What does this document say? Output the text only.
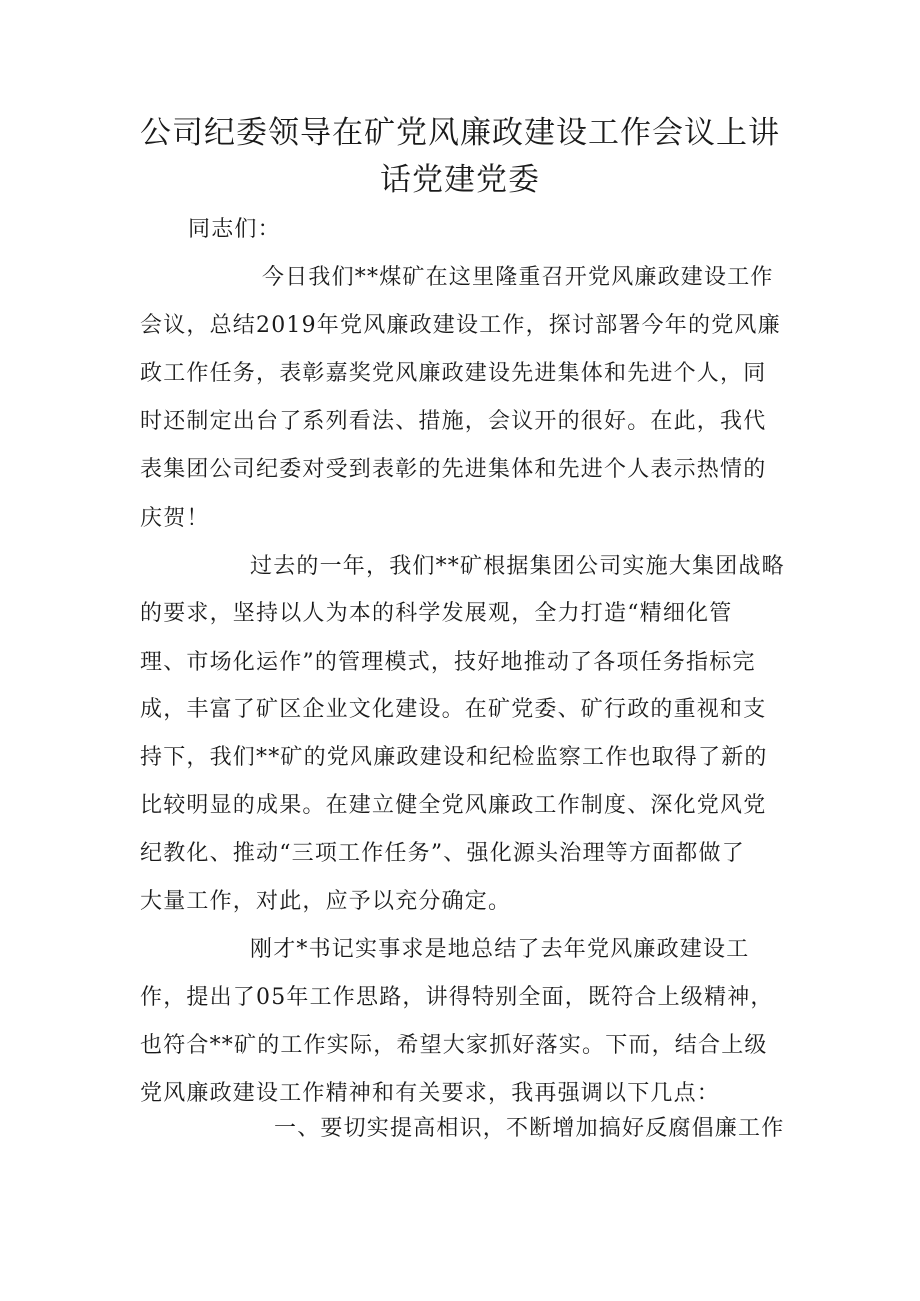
公司纪委领导在矿党风廉政建设工作会议上讲
话党建党委

同志们：

今日我们**煤矿在这里隆重召开党风廉政建设工作

会议，总结2019年党风廉政建设工作，探讨部署今年的党风廉

政工作任务，表彰嘉奖党风廉政建设先进集体和先进个人，同

时还制定出台了系列看法、措施，会议开的很好。在此，我代

表集团公司纪委对受到表彰的先进集体和先进个人表示热情的

庆贺！

过去的一年，我们**矿根据集团公司实施大集团战略

的要求，坚持以人为本的科学发展观，全力打造“精细化管

理、市场化运作”的管理模式，技好地推动了各项任务指标完

成，丰富了矿区企业文化建设。在矿党委、矿行政的重视和支

持下，我们**矿的党风廉政建设和纪检监察工作也取得了新的

比较明显的成果。在建立健全党风廉政工作制度、深化党风党

纪教化、推动“三项工作任务”、强化源头治理等方面都做了

大量工作，对此，应予以充分确定。

刚才*书记实事求是地总结了去年党风廉政建设工

作，提出了05年工作思路，讲得特别全面，既符合上级精神，

也符合**矿的工作实际，希望大家抓好落实。下而，结合上级

党风廉政建设工作精神和有关要求，我再强调以下几点：

一、要切实提高相识，不断增加搞好反腐倡廉工作
